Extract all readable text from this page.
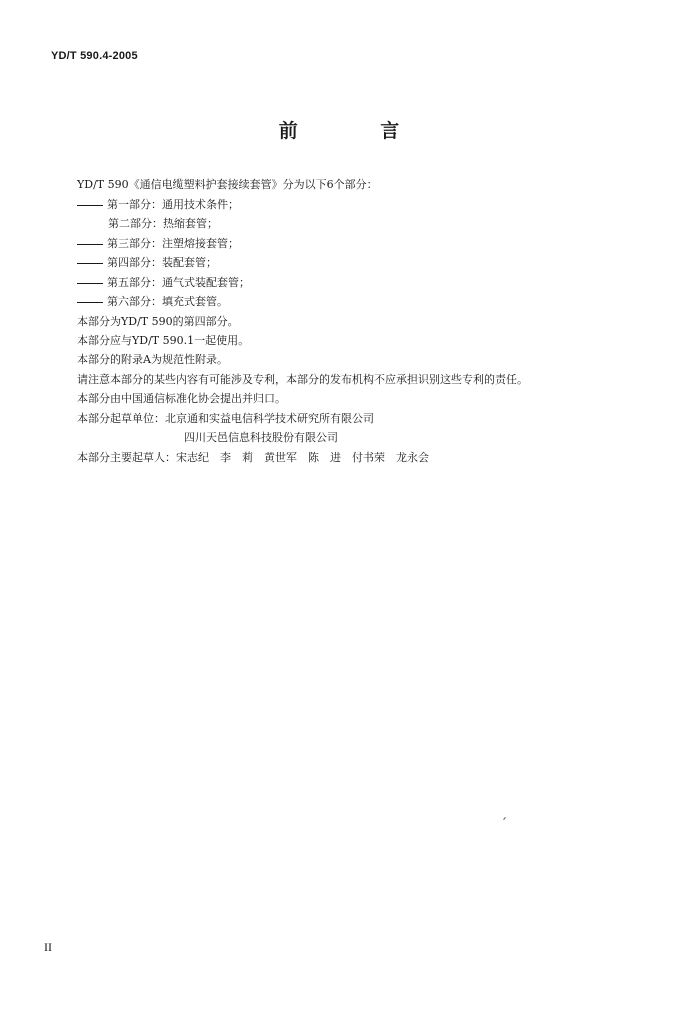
YD/T 590.4-2005
前 言
YD/T 590《通信电缆塑料护套接续套管》分为以下6个部分：
第一部分：通用技术条件；
第二部分：热缩套管；
第三部分：注塑熔接套管；
第四部分：装配套管；
第五部分：通气式装配套管；
第六部分：填充式套管。
本部分为YD/T 590的第四部分。
本部分应与YD/T 590.1一起使用。
本部分的附录A为规范性附录。
请注意本部分的某些内容有可能涉及专利，本部分的发布机构不应承担识别这些专利的责任。
本部分由中国通信标准化协会提出并归口。
本部分起草单位：北京通和实益电信科学技术研究所有限公司
四川天邑信息科技股份有限公司
本部分主要起草人：宋志纪　李　莉　黄世军　陈　进　付书荣　龙永会
II
